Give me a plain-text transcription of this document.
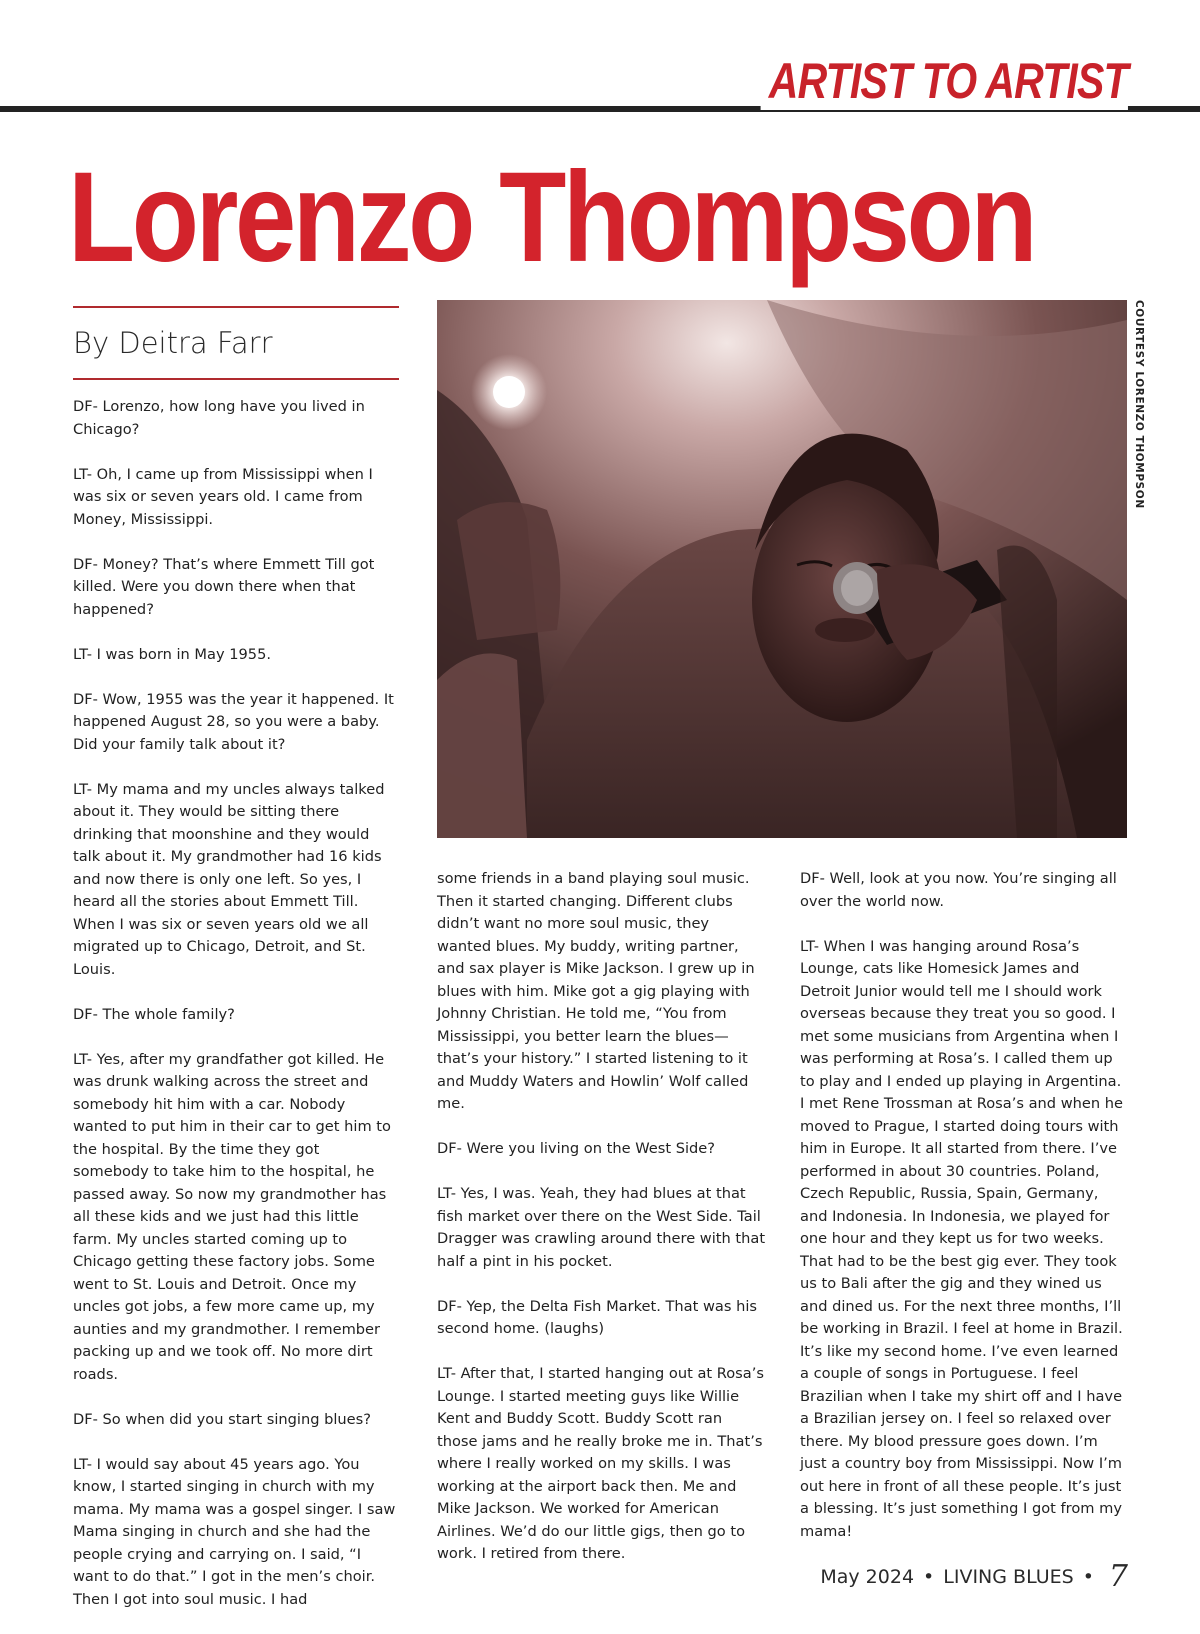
ARTIST TO ARTIST
Lorenzo Thompson
By Deitra Farr

DF- Lorenzo, how long have you lived in Chicago?

LT- Oh, I came up from Mississippi when I was six or seven years old. I came from Money, Mississippi.

DF- Money? That’s where Emmett Till got killed. Were you down there when that happened?

LT- I was born in May 1955.

DF- Wow, 1955 was the year it happened. It happened August 28, so you were a baby. Did your family talk about it?

LT- My mama and my uncles always talked about it. They would be sitting there drinking that moonshine and they would talk about it. My grandmother had 16 kids and now there is only one left. So yes, I heard all the stories about Emmett Till. When I was six or seven years old we all migrated up to Chicago, Detroit, and St. Louis.

DF- The whole family?

LT- Yes, after my grandfather got killed. He was drunk walking across the street and somebody hit him with a car. Nobody wanted to put him in their car to get him to the hospital. By the time they got somebody to take him to the hospital, he passed away. So now my grandmother has all these kids and we just had this little farm. My uncles started coming up to Chicago getting these factory jobs. Some went to St. Louis and Detroit. Once my uncles got jobs, a few more came up, my aunties and my grandmother. I remember packing up and we took off. No more dirt roads.

DF- So when did you start singing blues?

LT- I would say about 45 years ago. You know, I started singing in church with my mama. My mama was a gospel singer. I saw Mama singing in church and she had the people crying and carrying on. I said, “I want to do that.” I got in the men’s choir. Then I got into soul music. I had

COURTESY LORENZO THOMPSON

some friends in a band playing soul music. Then it started changing. Different clubs didn’t want no more soul music, they wanted blues. My buddy, writing partner, and sax player is Mike Jackson. I grew up in blues with him. Mike got a gig playing with Johnny Christian. He told me, “You from Mississippi, you better learn the blues—that’s your history.” I started listening to it and Muddy Waters and Howlin’ Wolf called me.

DF- Were you living on the West Side?

LT- Yes, I was. Yeah, they had blues at that fish market over there on the West Side. Tail Dragger was crawling around there with that half a pint in his pocket.

DF- Yep, the Delta Fish Market. That was his second home. (laughs)

LT- After that, I started hanging out at Rosa’s Lounge. I started meeting guys like Willie Kent and Buddy Scott. Buddy Scott ran those jams and he really broke me in. That’s where I really worked on my skills. I was working at the airport back then. Me and Mike Jackson. We worked for American Airlines. We’d do our little gigs, then go to work. I retired from there.

DF- Well, look at you now. You’re singing all over the world now.

LT- When I was hanging around Rosa’s Lounge, cats like Homesick James and Detroit Junior would tell me I should work overseas because they treat you so good. I met some musicians from Argentina when I was performing at Rosa’s. I called them up to play and I ended up playing in Argentina. I met Rene Trossman at Rosa’s and when he moved to Prague, I started doing tours with him in Europe. It all started from there. I’ve performed in about 30 countries. Poland, Czech Republic, Russia, Spain, Germany, and Indonesia. In Indonesia, we played for one hour and they kept us for two weeks. That had to be the best gig ever. They took us to Bali after the gig and they wined us and dined us. For the next three months, I’ll be working in Brazil. I feel at home in Brazil. It’s like my second home. I’ve even learned a couple of songs in Portuguese. I feel Brazilian when I take my shirt off and I have a Brazilian jersey on. I feel so relaxed over there. My blood pressure goes down. I’m just a country boy from Mississippi. Now I’m out here in front of all these people. It’s just a blessing. It’s just something I got from my mama!

May 2024 • LIVING BLUES • 7
